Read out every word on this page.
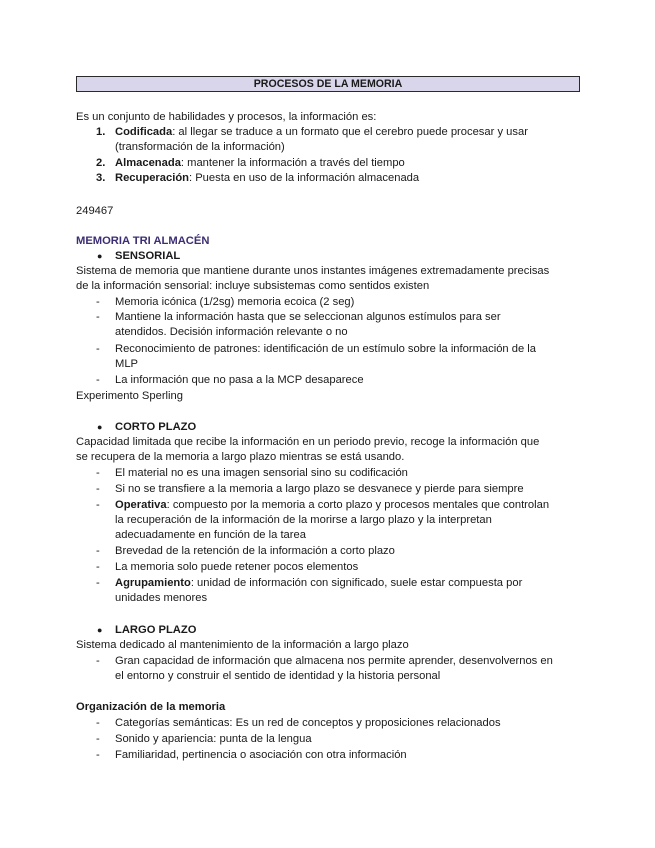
PROCESOS DE LA MEMORIA
Es un conjunto de habilidades y procesos, la información es:
1. Codificada: al llegar se traduce a un formato que el cerebro puede procesar y usar
(transformación de la información)
2. Almacenada: mantener la información a través del tiempo
3. Recuperación: Puesta en uso de la información almacenada
249467
MEMORIA TRI ALMACÉN
● SENSORIAL
Sistema de memoria que mantiene durante unos instantes imágenes extremadamente precisas
de la información sensorial: incluye subsistemas como sentidos existen
- Memoria icónica (1/2sg) memoria ecoica (2 seg)
- Mantiene la información hasta que se seleccionan algunos estímulos para ser
atendidos. Decisión información relevante o no
- Reconocimiento de patrones: identificación de un estímulo sobre la información de la
MLP
- La información que no pasa a la MCP desaparece
Experimento Sperling
● CORTO PLAZO
Capacidad limitada que recibe la información en un periodo previo, recoge la información que
se recupera de la memoria a largo plazo mientras se está usando.
- El material no es una imagen sensorial sino su codificación
- Si no se transfiere a la memoria a largo plazo se desvanece y pierde para siempre
- Operativa: compuesto por la memoria a corto plazo y procesos mentales que controlan
la recuperación de la información de la morirse a largo plazo y la interpretan
adecuadamente en función de la tarea
- Brevedad de la retención de la información a corto plazo
- La memoria solo puede retener pocos elementos
- Agrupamiento: unidad de información con significado, suele estar compuesta por
unidades menores
● LARGO PLAZO
Sistema dedicado al mantenimiento de la información a largo plazo
- Gran capacidad de información que almacena nos permite aprender, desenvolvernos en
el entorno y construir el sentido de identidad y la historia personal
Organización de la memoria
- Categorías semánticas: Es un red de conceptos y proposiciones relacionados
- Sonido y apariencia: punta de la lengua
- Familiaridad, pertinencia o asociación con otra información
